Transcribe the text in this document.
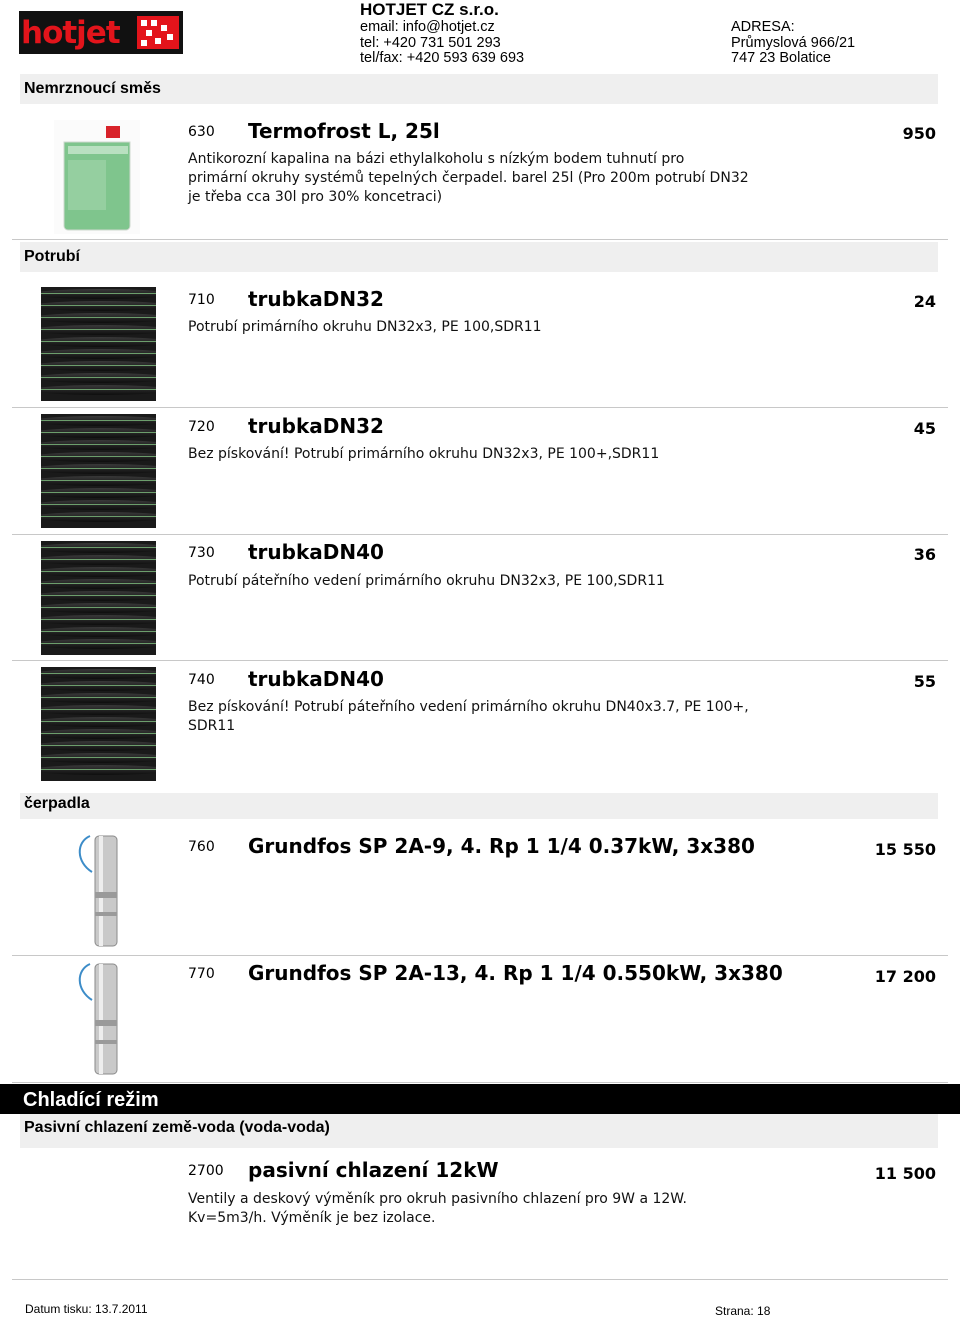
hotjet
HOTJET CZ s.r.o.
email: info@hotjet.cz
tel: +420 731 501 293
tel/fax: +420 593 639 693
ADRESA:
Průmyslová 966/21
747 23 Bolatice
Nemrznoucí směs
630 Termofrost L, 25l	950
Antikorozní kapalina na bázi ethylalkoholu s nízkým bodem tuhnutí pro
primární okruhy systémů tepelných čerpadel. barel 25l (Pro 200m potrubí DN32
je třeba cca 30l pro 30% koncetraci)
Potrubí
710 trubkaDN32	24
Potrubí primárního okruhu DN32x3, PE 100,SDR11
720 trubkaDN32	45
Bez pískování! Potrubí primárního okruhu DN32x3, PE 100+,SDR11
730 trubkaDN40	36
Potrubí páteřního vedení primárního okruhu DN32x3, PE 100,SDR11
740 trubkaDN40	55
Bez pískování! Potrubí páteřního vedení primárního okruhu DN40x3.7, PE 100+,
SDR11
čerpadla
760 Grundfos SP 2A-9, 4. Rp 1 1/4 0.37kW, 3x380	15 550
770 Grundfos SP 2A-13, 4. Rp 1 1/4 0.550kW, 3x380	17 200
Chladící režim
Pasivní chlazení země-voda (voda-voda)
2700 pasivní chlazení 12kW	11 500
Ventily a deskový výměník pro okruh pasivního chlazení pro 9W a 12W.
Kv=5m3/h. Výměník je bez izolace.
Datum tisku: 13.7.2011	Strana: 18
